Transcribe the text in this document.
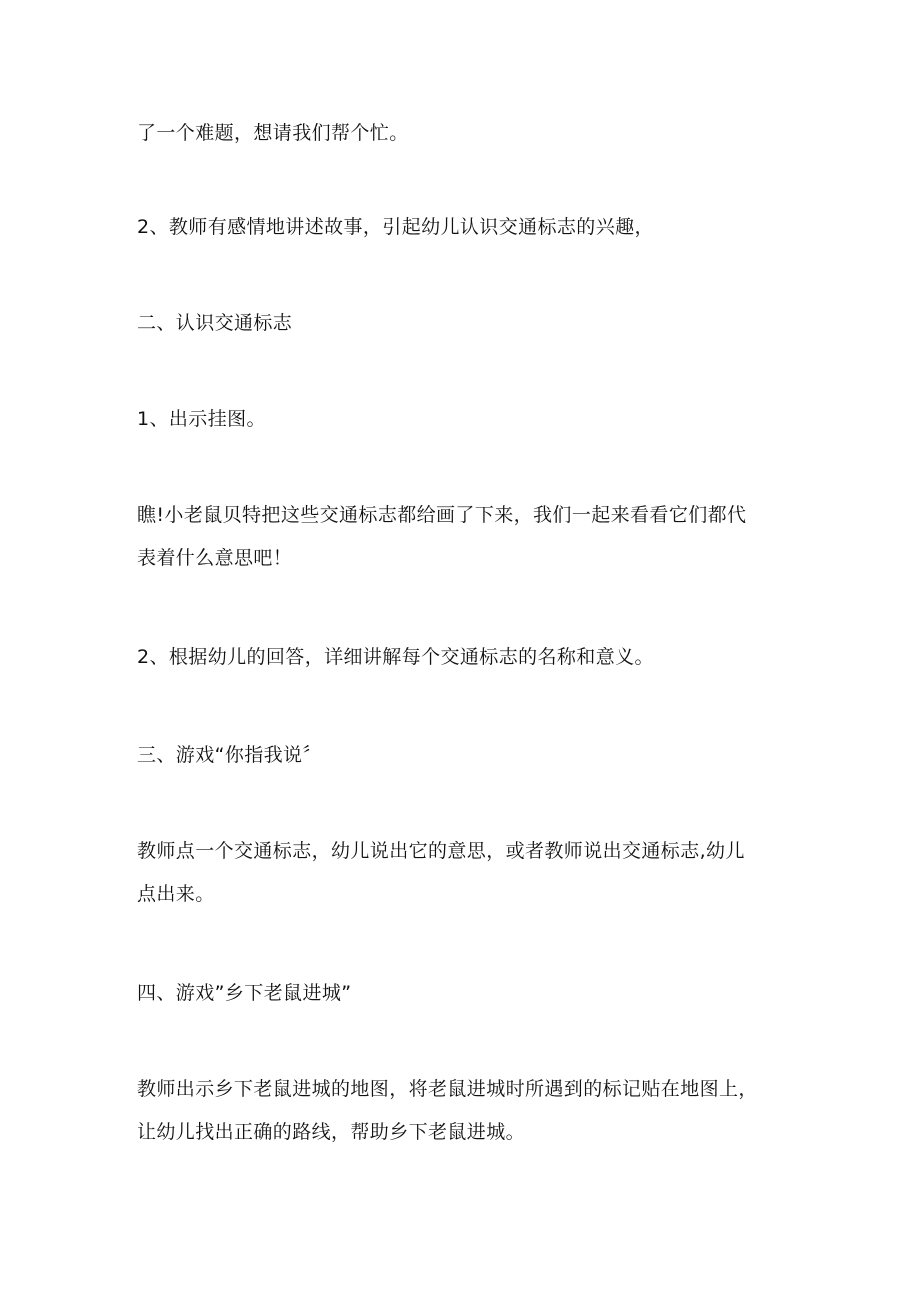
了一个难题，想请我们帮个忙。

2、教师有感情地讲述故事，引起幼儿认识交通标志的兴趣，

二、认识交通标志

1、出示挂图。

瞧!小老鼠贝特把这些交通标志都给画了下来，我们一起来看看它们都代
表着什么意思吧！

2、根据幼儿的回答，详细讲解每个交通标志的名称和意义。

三、游戏“你指我说〞

教师点一个交通标志，幼儿说出它的意思，或者教师说出交通标志,幼儿
点出来。

四、游戏”乡下老鼠进城”

教师出示乡下老鼠进城的地图，将老鼠进城时所遇到的标记贴在地图上，
让幼儿找出正确的路线，帮助乡下老鼠进城。
